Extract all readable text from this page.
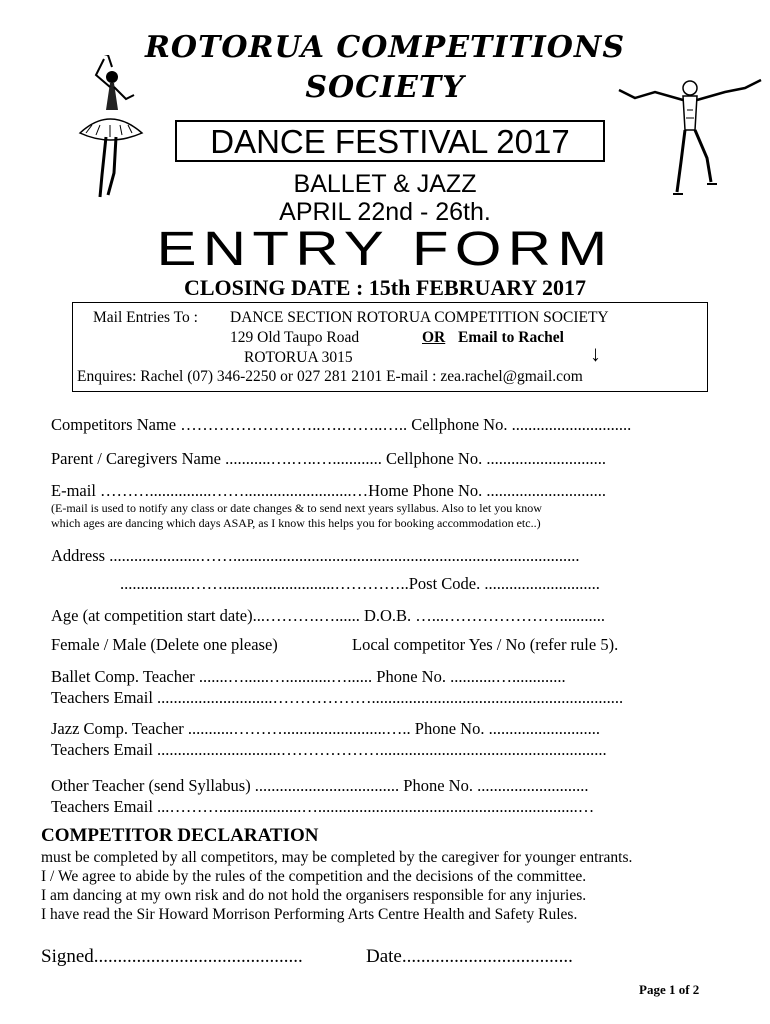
ROTORUA COMPETITIONS
SOCIETY
DANCE FESTIVAL 2017
BALLET & JAZZ
APRIL 22nd - 26th.
ENTRY FORM
CLOSING DATE : 15th FEBRUARY 2017
Mail Entries To : DANCE SECTION ROTORUA COMPETITION SOCIETY
129 Old Taupo Road	OR Email to Rachel
ROTORUA 3015	↓
Enquires: Rachel (07) 346-2250 or 027 281 2101 E-mail : zea.rachel@gmail.com
Competitors Name ……………………..….……..….. Cellphone No. .............................
Parent / Caregivers Name ...........….…..…............ Cellphone No. .............................
E-mail ………...............……..........................…Home Phone No. .............................
(E-mail is used to notify any class or date changes & to send next years syllabus. Also to let you know
which ages are dancing which days ASAP, as I know this helps you for booking accommodation etc..)
Address ......................……....................................................................................
.................……...........................…………..Post Code. ............................
Age (at competition start date)...……….…...... D.O.B. …...…………………...........
Female / Male (Delete one please)	Local competitor Yes / No (refer rule 5).
Ballet Comp. Teacher .......…......…...........…...... Phone No. ...........….............
Teachers Email ............................……………….............................................................
Jazz Comp. Teacher ...........……….........................….. Phone No. ...........................
Teachers Email ..............................……………….......................................................
Other Teacher (send Syllabus) ................................... Phone No. ...........................
Teachers Email ...………....................…...............................................................…
COMPETITOR DECLARATION
must be completed by all competitors, may be completed by the caregiver for younger entrants.
I / We agree to abide by the rules of the competition and the decisions of the committee.
I am dancing at my own risk and do not hold the organisers responsible for any injuries.
I have read the Sir Howard Morrison Performing Arts Centre Health and Safety Rules.
Signed............................................	Date....................................
Page 1 of 2
